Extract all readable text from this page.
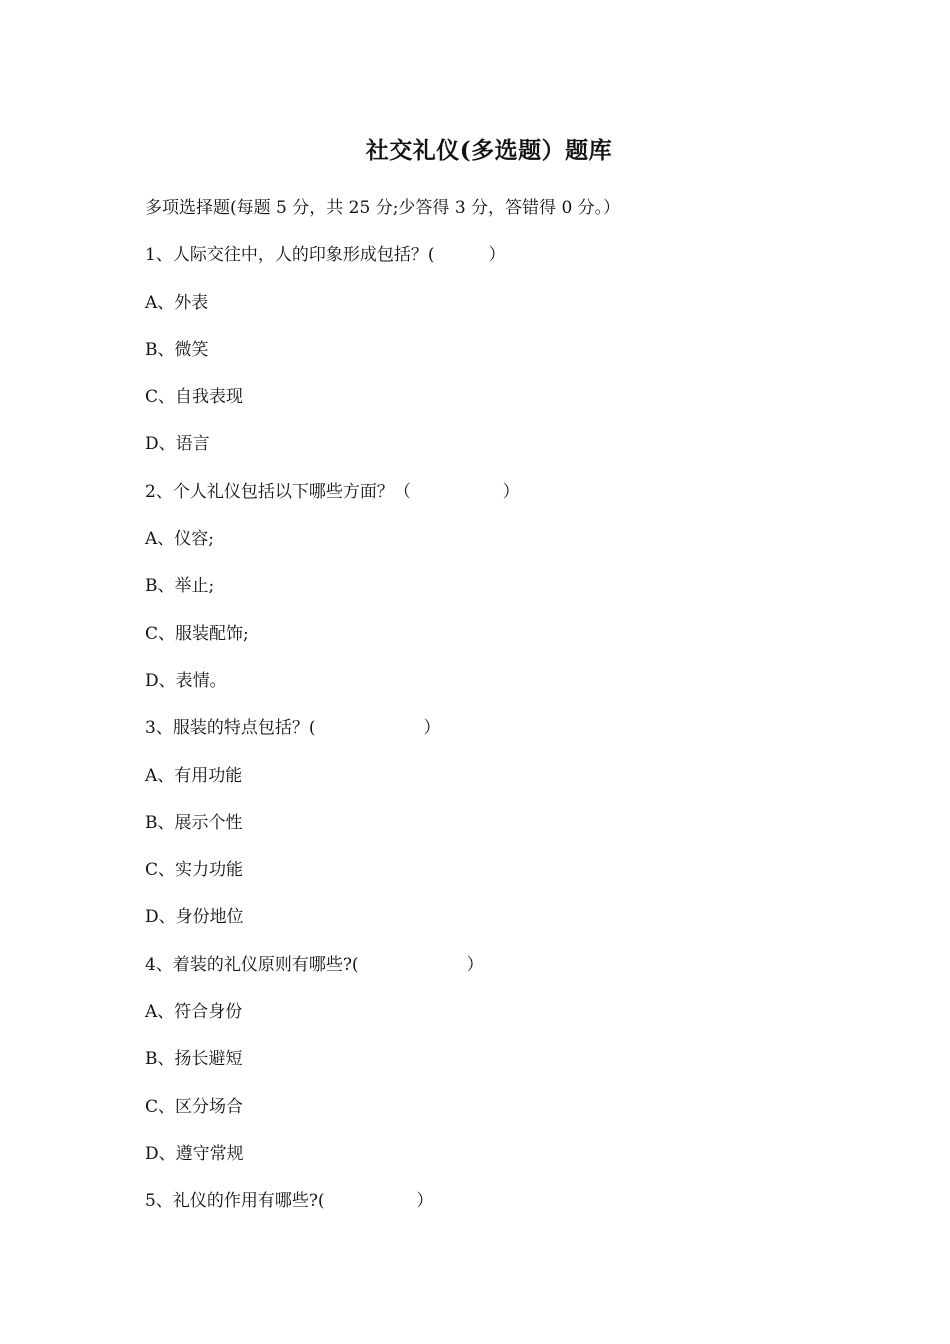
社交礼仪(多选题）题库
多项选择题(每题 5 分，共 25 分;少答得 3 分，答错得 0 分。）
1、人际交往中，人的印象形成包括？(          ）
A、外表
B、微笑
C、自我表现
D、语言
2、个人礼仪包括以下哪些方面？（                 ）
A、仪容;
B、举止;
C、服装配饰;
D、表情。
3、服装的特点包括？(                    ）
A、有用功能
B、展示个性
C、实力功能
D、身份地位
4、着装的礼仪原则有哪些?(                    ）
A、符合身份
B、扬长避短
C、区分场合
D、遵守常规
5、礼仪的作用有哪些?(                 ）
